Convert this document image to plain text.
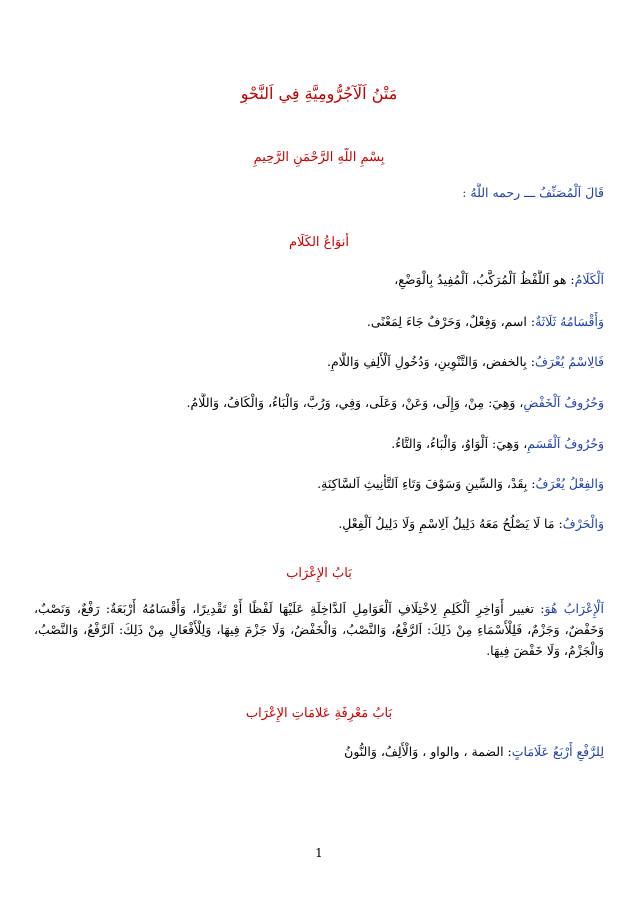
مَتْنُ اَلْآجُرُّومِيَّةِ فِي اَلنَّحْوِ
بِسْمِ اللَّهِ الرَّحْمَنِ الرَّحِيمِ
قَالَ اَلْمُصَنِّفُ ـــ رحمه اللَّهُ :
أَنوَاعُ الكَلَام
اَلْكَلَامُ: هو اَللَّفْظُ اَلْمُرَكَّبُ، اَلْمُفِيدُ بِالْوَضْعِ،
وَأَقْسَامُهُ ثَلَاثَةٌ: اسم، وَفِعْلٌ، وَحَرْفٌ جَاءَ لِمَعْنًى.
فَالِاسْمُ يُعْرَفُ: بِالخفض، وَالتَّنْوِينِ، وَدُخُولِ اَلْأَلِفِ وَاللَّامِ.
وَحُرُوفُ اَلْخَفْضِ، وَهِيَ: مِنْ، وَإِلَى، وَعَنْ، وَعَلَى، وَفِي، وَرُبَّ، وَالْبَاءُ، وَالْكَافُ، وَاللَّامُ.
وَحُرُوفُ اَلْقَسَمِ، وَهِيَ: اَلْوَاوُ، وَالْبَاءُ، وَالتَّاءُ.
وَالفِعْلُ يُعْرَفُ: بِقَدْ، وَالسِّينِ وَسَوْفَ وَتَاءِ اَلتَّأْنِيثِ اَلسَّاكِنَةِ.
وَالْحَرْفُ: مَا لَا يَصْلُحُ مَعَهُ دَلِيلُ اَلِاسْمِ وَلَا دَلِيلُ اَلْفِعْلِ.
بَابُ الإِعْرَاب
اَلْإِعْرَابُ هُوَ: تغيير أَوَاخِرِ اَلْكَلِمِ لِاخْتِلَافِ اَلْعَوَامِلِ اَلدَّاخِلَةِ عَلَيْهَا لَفْظًا أَوْ تَقْدِيرًا، وَأَقْسَامُهُ أَرْبَعَةٌ: رَفْعٌ، وَنَصْبٌ، وَخَفْضٌ، وَجَزْمٌ، فَلِلْأَسْمَاءِ مِنْ ذَلِكَ: اَلرَّفْعُ، وَالنَّصْبُ، وَالْخَفْضُ، وَلَا جَزْمَ فِيهَا، وَلِلْأَفْعَالِ مِنْ ذَلِكَ: اَلرَّفْعُ، وَالنَّصْبُ، وَالْجَزْمُ، وَلَا خَفْضَ فِيهَا.
بَابُ مَعْرِفَةِ عَلامَاتِ الإِعْرَاب
لِلرَّفْعِ أَرْبَعُ عَلَامَاتٍ: الضمة ، والواو ، وَالْأَلِفُ، وَالنُّونُ
1
